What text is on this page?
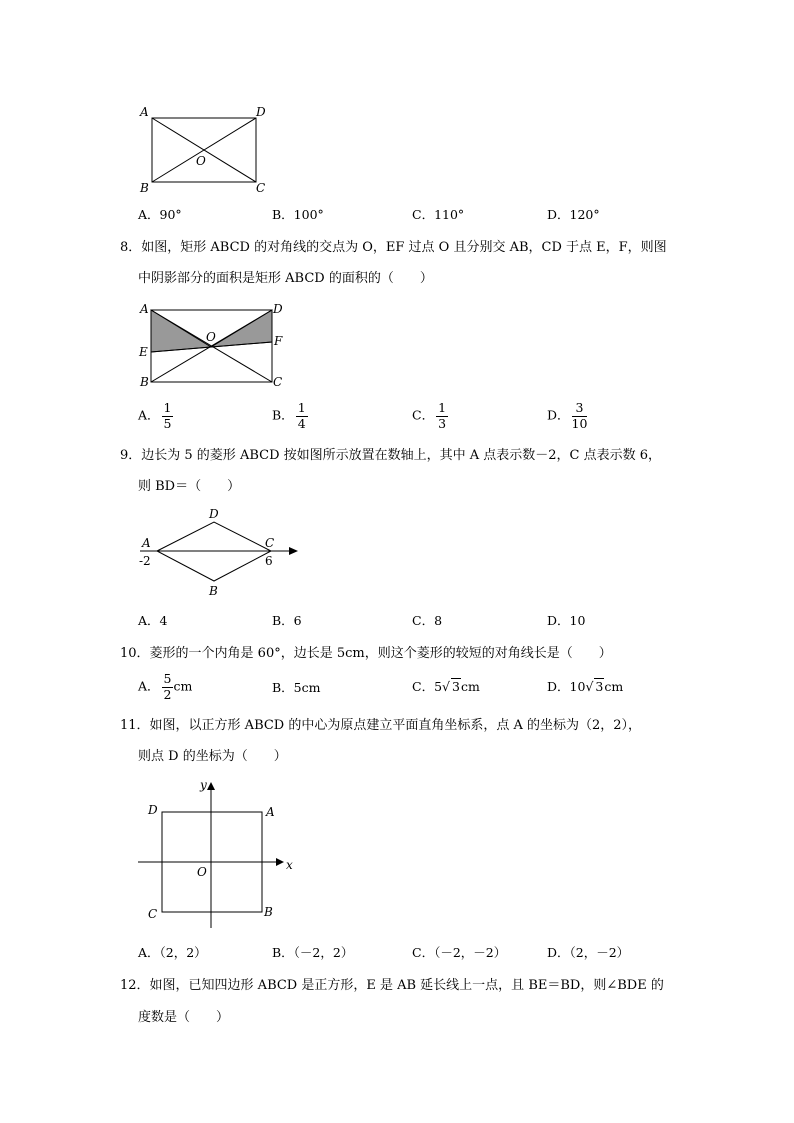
A	D
O
B	C
A．90°	B．100°	C．110°	D．120°
8．如图，矩形 ABCD 的对角线的交点为 O，EF 过点 O 且分别交 AB，CD 于点 E，F，则图
中阴影部分的面积是矩形 ABCD 的面积的（　　）
A	D
O
E
F
B	C
A． $\frac{1}{5}$	B． $\frac{1}{4}$	C． $\frac{1}{3}$	D． $\frac{3}{10}$
9．边长为 5 的菱形 ABCD 按如图所示放置在数轴上，其中 A 点表示数－2，C 点表示数 6，
则 BD＝（　　）
D
A	C
-2	6
B
A．4	B．6	C．8	D．10
10．菱形的一个内角是 60°，边长是 5cm，则这个菱形的较短的对角线长是（　　）
A． $\frac{5}{2}$ cm	B．5cm	C．5√ 3cm	D．10√ 3cm
11．如图，以正方形 ABCD 的中心为原点建立平面直角坐标系，点 A 的坐标为（2，2），
则点 D 的坐标为（　　）
y
D	A
x
O
C	B
A．（2，2）	B．（－2，2）	C．（－2，－2）	D．（2，－2）
12．如图，已知四边形 ABCD 是正方形，E 是 AB 延长线上一点，且 BE＝BD，则∠BDE 的
度数是（　　）
